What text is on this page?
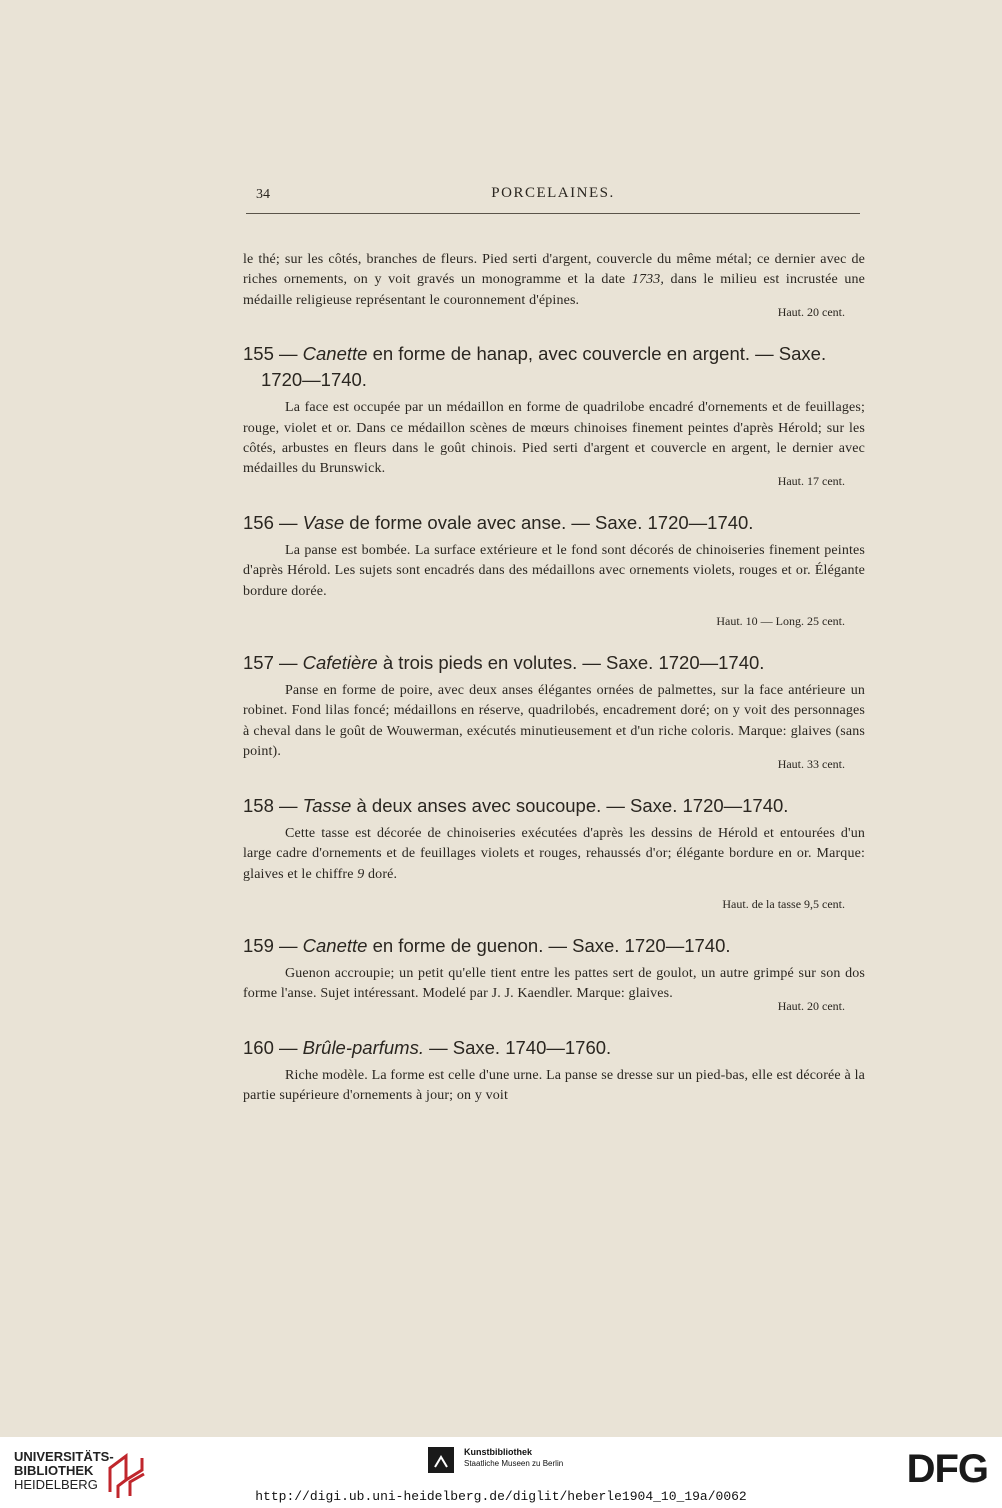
34	PORCELAINES.

le thé; sur les côtés, branches de fleurs. Pied serti d'argent, couvercle du même métal; ce dernier avec de riches ornements, on y voit gravés un monogramme et la date 1733, dans le milieu est incrustée une médaille religieuse représentant le couronnement d'épines.

Haut. 20 cent.

155 — Canette en forme de hanap, avec couvercle en argent. — Saxe.
1720—1740.

La face est occupée par un médaillon en forme de quadrilobe encadré d'ornements et de feuillages; rouge, violet et or. Dans ce médaillon scènes de mœurs chinoises finement peintes d'après Hérold; sur les côtés, arbustes en fleurs dans le goût chinois. Pied serti d'argent et couvercle en argent, le dernier avec médailles du Brunswick.

Haut. 17 cent.

156 — Vase de forme ovale avec anse. — Saxe. 1720—1740.

La panse est bombée. La surface extérieure et le fond sont décorés de chinoiseries finement peintes d'après Hérold. Les sujets sont encadrés dans des médaillons avec ornements violets, rouges et or. Élégante bordure dorée.

Haut. 10 — Long. 25 cent.

157 — Cafetière à trois pieds en volutes. — Saxe. 1720—1740.

Panse en forme de poire, avec deux anses élégantes ornées de palmettes, sur la face antérieure un robinet. Fond lilas foncé; médaillons en réserve, quadrilobés, encadrement doré; on y voit des personnages à cheval dans le goût de Wouwerman, exécutés minutieusement et d'un riche coloris. Marque: glaives (sans point).

Haut. 33 cent.

158 — Tasse à deux anses avec soucoupe. — Saxe. 1720—1740.

Cette tasse est décorée de chinoiseries exécutées d'après les dessins de Hérold et entourées d'un large cadre d'ornements et de feuillages violets et rouges, rehaussés d'or; élégante bordure en or. Marque: glaives et le chiffre 9 doré.

Haut. de la tasse 9,5 cent.

159 — Canette en forme de guenon. — Saxe. 1720—1740.

Guenon accroupie; un petit qu'elle tient entre les pattes sert de goulot, un autre grimpé sur son dos forme l'anse. Sujet intéressant. Modelé par J. J. Kaendler. Marque: glaives.

Haut. 20 cent.

160 — Brûle-parfums. — Saxe. 1740—1760.

Riche modèle. La forme est celle d'une urne. La panse se dresse sur un pied-bas, elle est décorée à la partie supérieure d'ornements à jour; on y voit

UNIVERSITÄTS-
BIBLIOTHEK
HEIDELBERG
Kunstbibliothek
Staatliche Museen zu Berlin	DFG
http://digi.ub.uni-heidelberg.de/diglit/heberle1904_10_19a/0062
